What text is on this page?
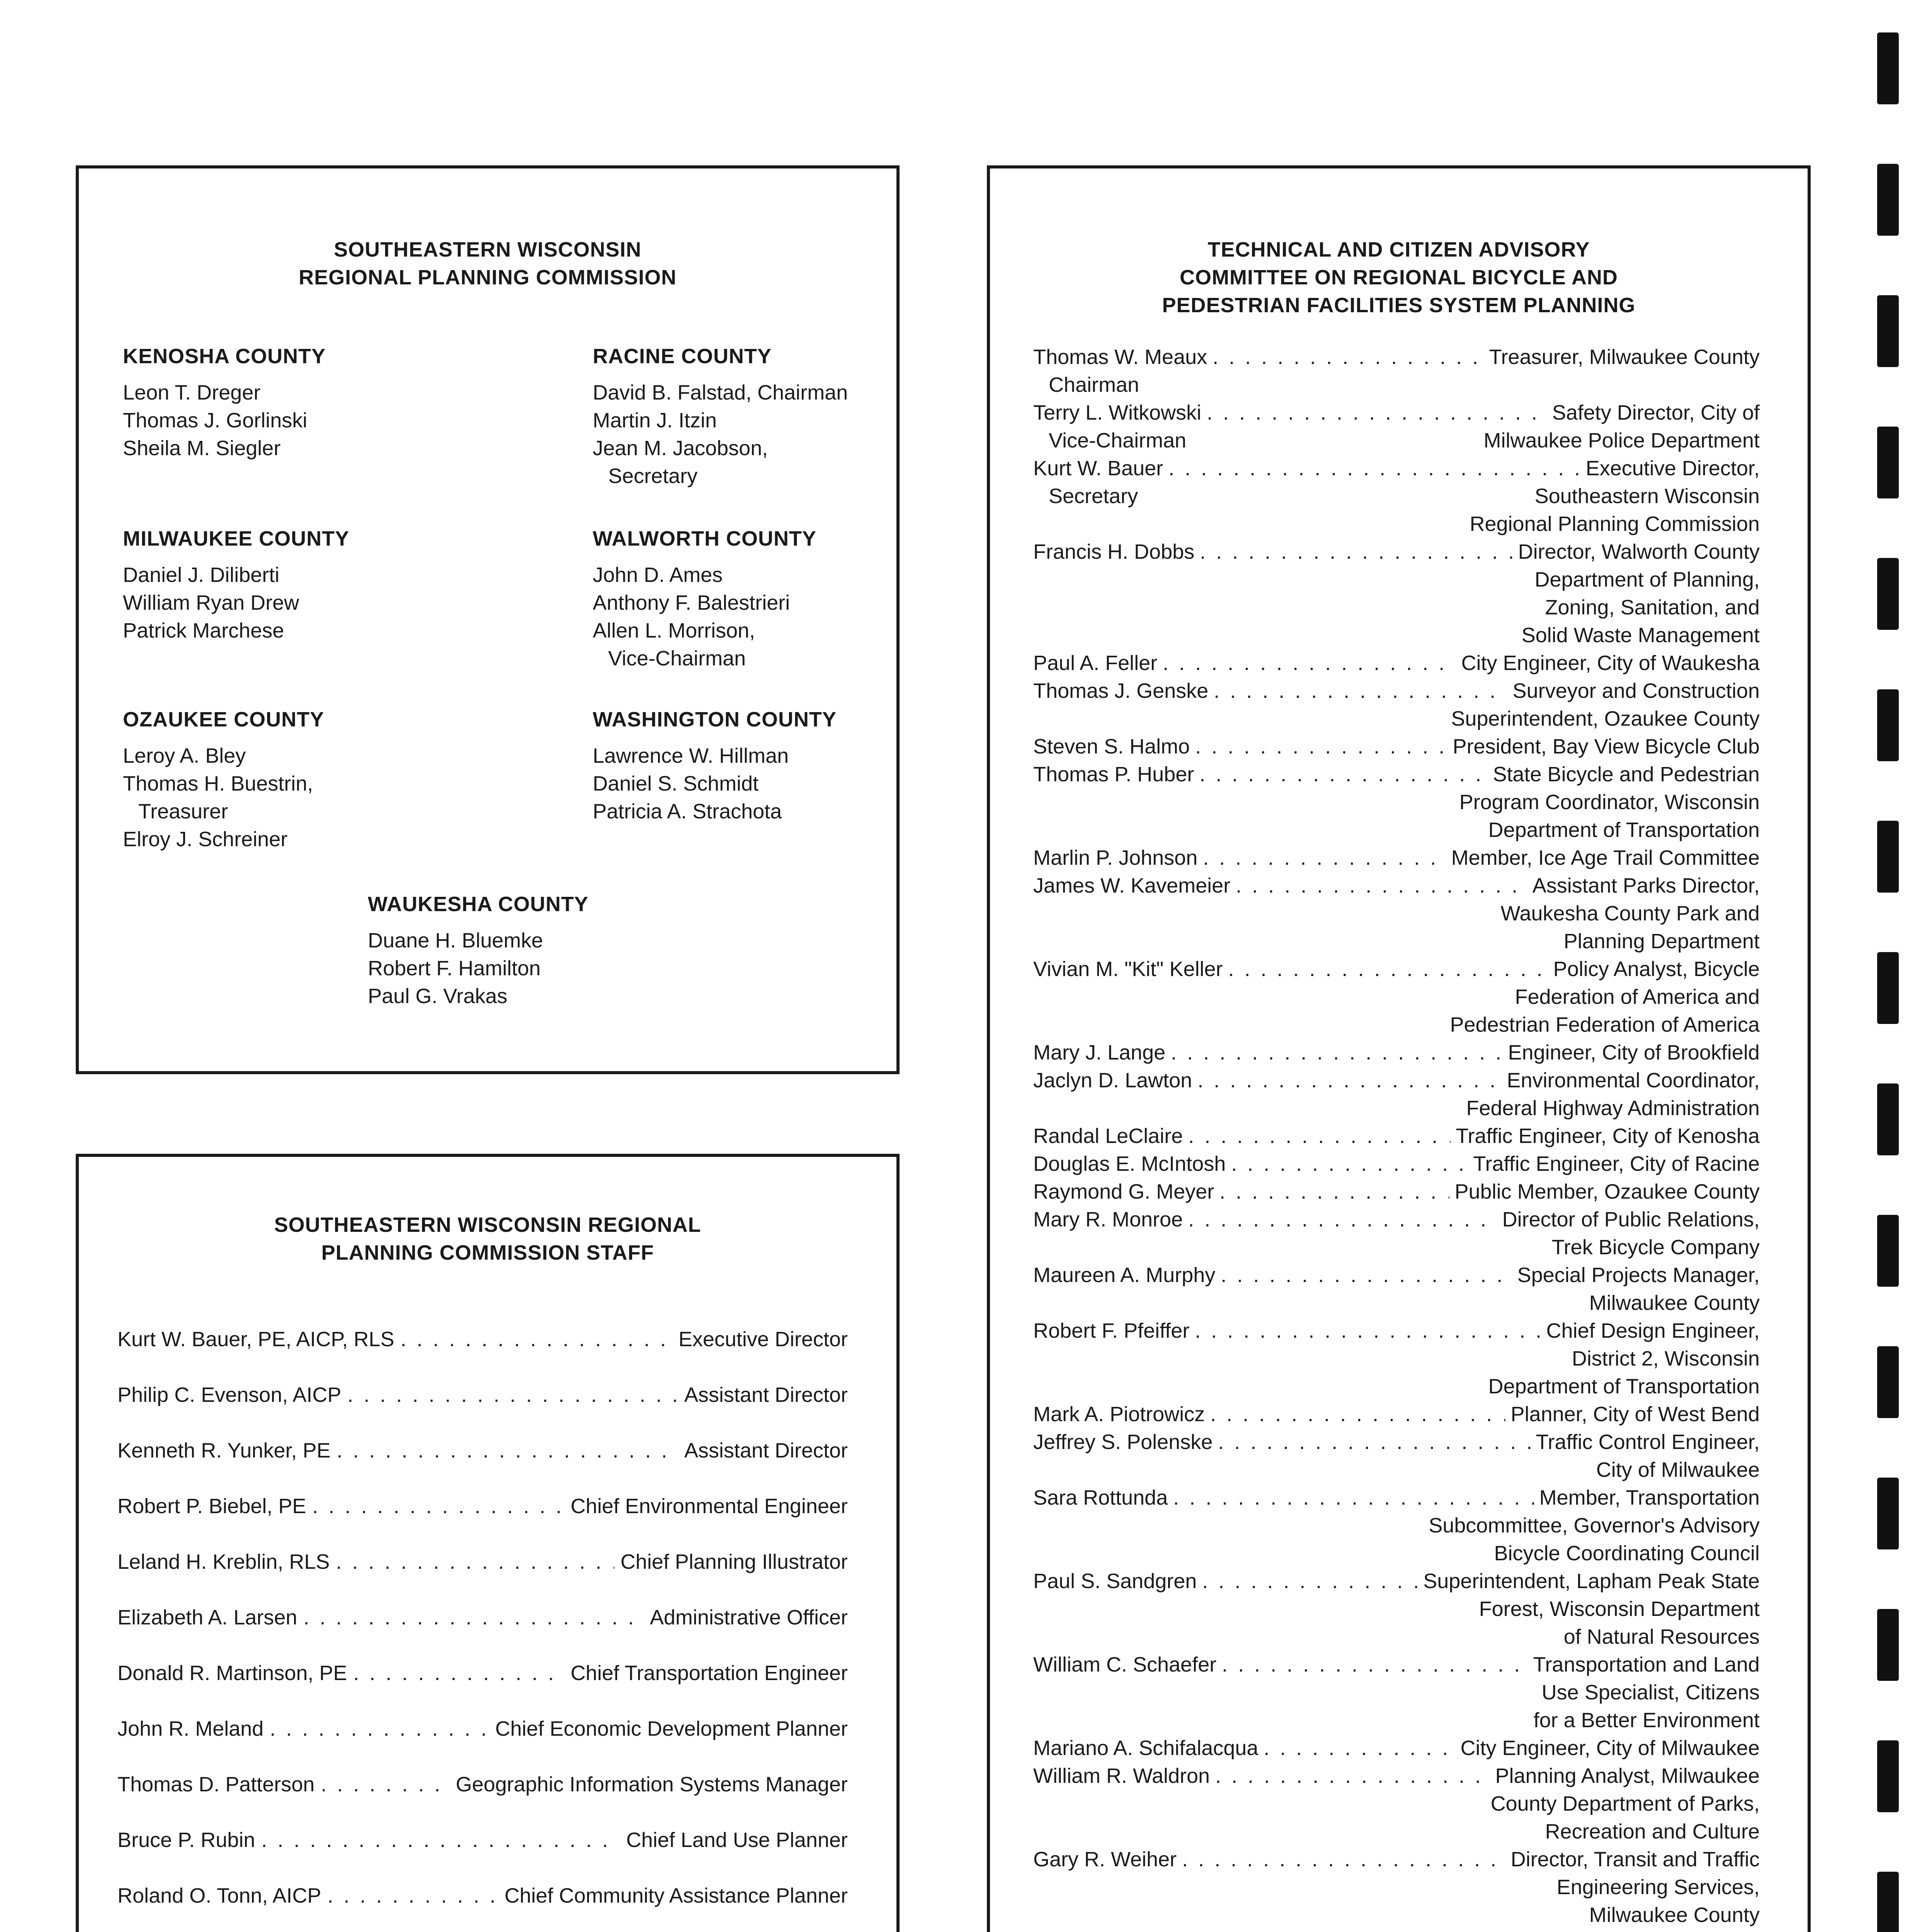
SOUTHEASTERN WISCONSIN
REGIONAL PLANNING COMMISSION
KENOSHA COUNTY
Leon T. Dreger
Thomas J. Gorlinski
Sheila M. Siegler
RACINE COUNTY
David B. Falstad, Chairman
Martin J. Itzin
Jean M. Jacobson,
Secretary
MILWAUKEE COUNTY
Daniel J. Diliberti
William Ryan Drew
Patrick Marchese
WALWORTH COUNTY
John D. Ames
Anthony F. Balestrieri
Allen L. Morrison,
Vice-Chairman
OZAUKEE COUNTY
Leroy A. Bley
Thomas H. Buestrin,
Treasurer
Elroy J. Schreiner
WASHINGTON COUNTY
Lawrence W. Hillman
Daniel S. Schmidt
Patricia A. Strachota
WAUKESHA COUNTY
Duane H. Bluemke
Robert F. Hamilton
Paul G. Vrakas
SOUTHEASTERN WISCONSIN REGIONAL
PLANNING COMMISSION STAFF
Kurt W. Bauer, PE, AICP, RLS . . .	Executive Director
Philip C. Evenson, AICP . . .	Assistant Director
Kenneth R. Yunker, PE . . .	Assistant Director
Robert P. Biebel, PE . . .	Chief Environmental Engineer
Leland H. Kreblin, RLS . . .	Chief Planning Illustrator
Elizabeth A. Larsen . . .	Administrative Officer
Donald R. Martinson, PE . . .	Chief Transportation Engineer
John R. Meland . . .	Chief Economic Development Planner
Thomas D. Patterson . . .	Geographic Information Systems Manager
Bruce P. Rubin . . .	Chief Land Use Planner
Roland O. Tonn, AICP . . .	Chief Community Assistance Planner
TECHNICAL AND CITIZEN ADVISORY
COMMITTEE ON REGIONAL BICYCLE AND
PEDESTRIAN FACILITIES SYSTEM PLANNING
Thomas W. Meaux . . .	Treasurer, Milwaukee County
Chairman
Terry L. Witkowski . . .	Safety Director, City of
Vice-Chairman	Milwaukee Police Department
Kurt W. Bauer . . .	Executive Director,
Secretary	Southeastern Wisconsin
Regional Planning Commission
Francis H. Dobbs . . .	Director, Walworth County
Department of Planning,
Zoning, Sanitation, and
Solid Waste Management
Paul A. Feller . . .	City Engineer, City of Waukesha
Thomas J. Genske . . .	Surveyor and Construction
Superintendent, Ozaukee County
Steven S. Halmo . . .	President, Bay View Bicycle Club
Thomas P. Huber . . .	State Bicycle and Pedestrian
Program Coordinator, Wisconsin
Department of Transportation
Marlin P. Johnson . . .	Member, Ice Age Trail Committee
James W. Kavemeier . . .	Assistant Parks Director,
Waukesha County Park and
Planning Department
Vivian M. "Kit" Keller . . .	Policy Analyst, Bicycle
Federation of America and
Pedestrian Federation of America
Mary J. Lange . . .	Engineer, City of Brookfield
Jaclyn D. Lawton . . .	Environmental Coordinator,
Federal Highway Administration
Randal LeClaire . . .	Traffic Engineer, City of Kenosha
Douglas E. McIntosh . . .	Traffic Engineer, City of Racine
Raymond G. Meyer . . .	Public Member, Ozaukee County
Mary R. Monroe . . .	Director of Public Relations,
Trek Bicycle Company
Maureen A. Murphy . . .	Special Projects Manager,
Milwaukee County
Robert F. Pfeiffer . . .	Chief Design Engineer,
District 2, Wisconsin
Department of Transportation
Mark A. Piotrowicz . . .	Planner, City of West Bend
Jeffrey S. Polenske . . .	Traffic Control Engineer,
City of Milwaukee
Sara Rottunda . . .	Member, Transportation
Subcommittee, Governor's Advisory
Bicycle Coordinating Council
Paul S. Sandgren . . .	Superintendent, Lapham Peak State
Forest, Wisconsin Department
of Natural Resources
William C. Schaefer . . .	Transportation and Land
Use Specialist, Citizens
for a Better Environment
Mariano A. Schifalacqua . . .	City Engineer, City of Milwaukee
William R. Waldron . . .	Planning Analyst, Milwaukee
County Department of Parks,
Recreation and Culture
Gary R. Weiher . . .	Director, Transit and Traffic
Engineering Services,
Milwaukee County
